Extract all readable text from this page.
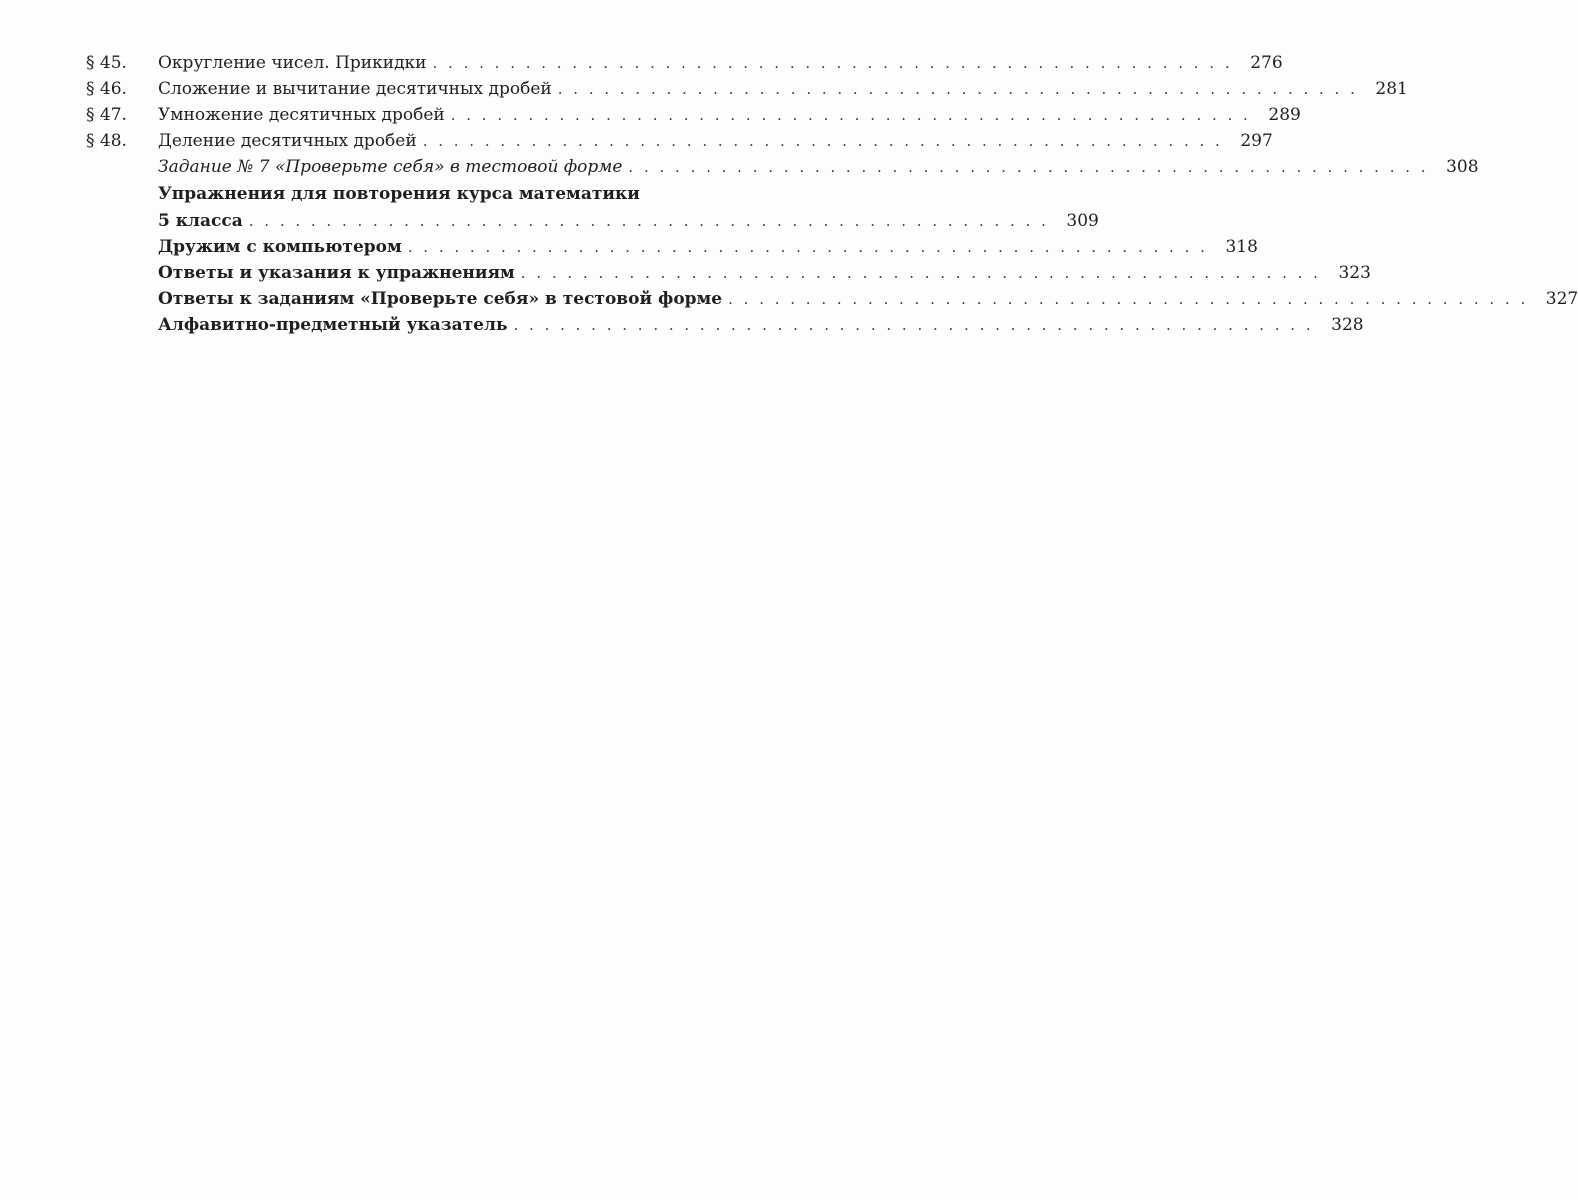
§ 45. Округление чисел. Прикидки . . . . . . . . . . . . . . . . . . . . . . . . . . . . . . . . . . . . . . . . . . . . . . . . . . . .	276
§ 46. Сложение и вычитание десятичных дробей . . . . . . . . . . . . . . . . . . . . . . . . . . . . . . . . . . . . . . . . . . . . . . . . . . . .	281
§ 47. Умножение десятичных дробей . . . . . . . . . . . . . . . . . . . . . . . . . . . . . . . . . . . . . . . . . . . . . . . . . . . .	289
§ 48. Деление десятичных дробей . . . . . . . . . . . . . . . . . . . . . . . . . . . . . . . . . . . . . . . . . . . . . . . . . . . .	297
Задание № 7 «Проверьте себя» в тестовой форме . . . . . . . . . . . . . . . . . . . . . . . . . . . . . . . . . . . . . . . . . . . . . . . . . . . .	308
Упражнения для повторения курса математики
5 класса . . . . . . . . . . . . . . . . . . . . . . . . . . . . . . . . . . . . . . . . . . . . . . . . . . . .	309
Дружим с компьютером . . . . . . . . . . . . . . . . . . . . . . . . . . . . . . . . . . . . . . . . . . . . . . . . . . . .	318
Ответы и указания к упражнениям . . . . . . . . . . . . . . . . . . . . . . . . . . . . . . . . . . . . . . . . . . . . . . . . . . . .	323
Ответы к заданиям «Проверьте себя» в тестовой форме . . . . . . . . . . . . . . . . . . . . . . . . . . . . . . . . . . . . . . . . . . . . . . . . . . . .	327
Алфавитно-предметный указатель . . . . . . . . . . . . . . . . . . . . . . . . . . . . . . . . . . . . . . . . . . . . . . . . . . . .	328
